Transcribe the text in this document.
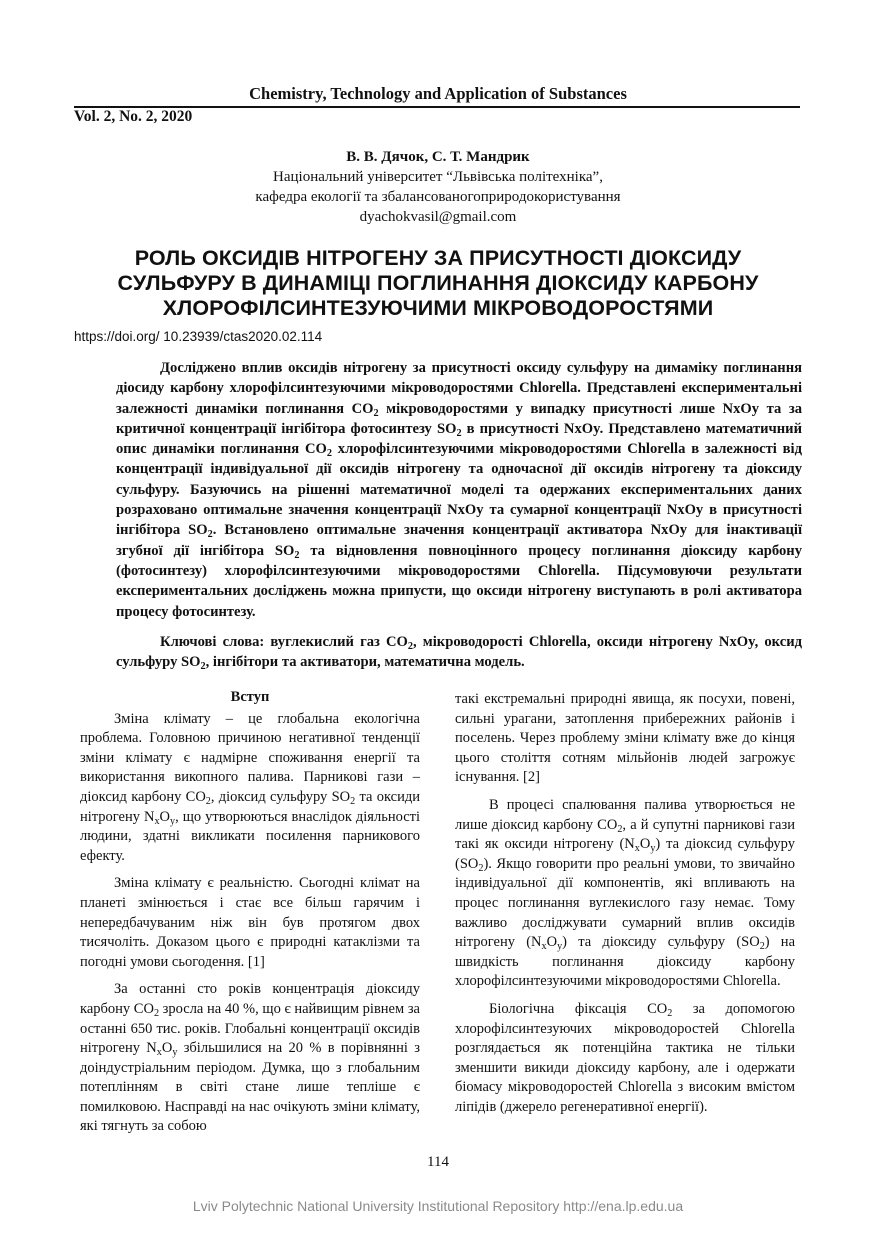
Chemistry, Technology and Application of Substances
Vol. 2, No. 2, 2020
В. В. Дячок, С. Т. Мандрик
Національний університет “Львівська політехніка”,
кафедра екології та збалансованогоприродокористування
dyachokvasil@gmail.com
РОЛЬ ОКСИДІВ НІТРОГЕНУ ЗА ПРИСУТНОСТІ ДІОКСИДУ
СУЛЬФУРУ В ДИНАМІЦІ ПОГЛИНАННЯ ДІОКСИДУ КАРБОНУ
ХЛОРОФІЛСИНТЕЗУЮЧИМИ МІКРОВОДОРОСТЯМИ
https://doi.org/ 10.23939/ctas2020.02.114
Досліджено вплив оксидів нітрогену за присутності оксиду сульфуру на димаміку поглинання діосиду карбону хлорофілсинтезуючими мікроводоростями Chlorella. Представлені експериментальні залежності динаміки поглинання $CO_2$ мікроводоростями у випадку присутності лише NxOy та за критичної концентрації інгібітора фотосинтезу $SO_2$ в присутності NxOy. Представлено математичний опис динаміки поглинання $CO_2$ хлорофілсинтезуючими мікроводоростями Chlorella в залежності від концентрації індивідуальної дії оксидів нітрогену та одночасної дії оксидів нітрогену та діоксиду сульфуру. Базуючись на рішенні математичної моделі та одержаних експериментальних даних розраховано оптимальне значення концентрації NxOy та сумарної концентрації NxOy в присутності інгібітора $SO_2$. Встановлено оптимальне значення концентрації активатора NxOy для інактивації згубної дії інгібітора $SO_2$ та відновлення повноцінного процесу поглинання діоксиду карбону (фотосинтезу) хлорофілсинтезуючими мікроводоростями Chlorella. Підсумовуючи результати експериментальних досліджень можна припусти, що оксиди нітрогену виступають в ролі активатора процесу фотосинтезу.
Ключові слова: вуглекислий газ $CO_2$, мікроводорості Chlorella, оксиди нітрогену NxOy, оксид сульфуру $SO_2$, інгібітори та активатори, математична модель.
Вступ

Зміна клімату – це глобальна екологічна проблема. Головною причиною негативної тенденції зміни клімату є надмірне споживання енергії та використання викопного палива. Парникові гази – діоксид карбону $CO_2$, діоксид сульфуру $SO_2$ та оксиди нітрогену $N_xO_y$, що утворюються внаслідок діяльності людини, здатні викликати посилення парникового ефекту.

Зміна клімату є реальністю. Сьогодні клімат на планеті змінюється і стає все більш гарячим і непередбачуваним ніж він був протягом двох тисячоліть. Доказом цього є природні катаклізми та погодні умови сьогодення. [1]

За останні сто років концентрація діоксиду карбону $CO_2$ зросла на 40 %, що є найвищим рівнем за останні 650 тис. років. Глобальні концентрації оксидів нітрогену $N_xO_y$ збільшилися на 20 % в порівнянні з доіндустріальним періодом. Думка, що з глобальним потеплінням в світі стане лише тепліше є помилковою. Насправді на нас очікують зміни клімату, які тягнуть за собою

такі екстремальні природні явища, як посухи, повені, сильні урагани, затоплення прибережних районів і поселень. Через проблему зміни клімату вже до кінця цього століття сотням мільйонів людей загрожує існування. [2]

В процесі спалювання палива утворюється не лише діоксид карбону $CO_2$, а й супутні парникові гази такі як оксиди нітрогену $(N_xO_y)$ та діоксид сульфуру $(SO_2)$. Якщо говорити про реальні умови, то звичайно індивідуальної дії компонентів, які впливають на процес поглинання вуглекислого газу немає. Тому важливо досліджувати сумарний вплив оксидів нітрогену $(N_xO_y)$ та діоксиду сульфуру $(SO_2)$ на швидкість поглинання діоксиду карбону хлорофілсинтезуючими мікроводоростями Chlorella.

Біологічна фіксація $CO_2$ за допомогою хлорофілсинтезуючих мікроводоростей Chlorella розглядається як потенційна тактика не тільки зменшити викиди діоксиду карбону, але і одержати біомасу мікроводоростей Chlorella з високим вмістом ліпідів (джерело регенеративної енергії).

114
Lviv Polytechnic National University Institutional Repository http://ena.lp.edu.ua
